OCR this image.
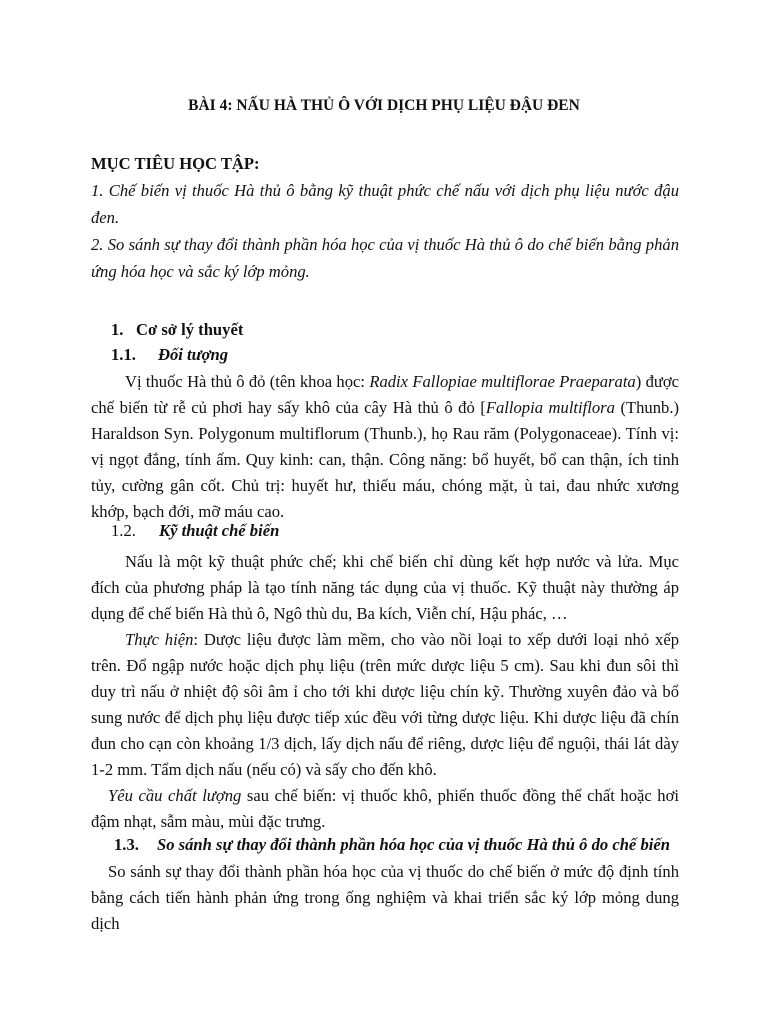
BÀI 4: NẤU HÀ THỦ Ô VỚI DỊCH PHỤ LIỆU ĐẬU ĐEN
MỤC TIÊU HỌC TẬP:
1. Chế biến vị thuốc Hà thủ ô bằng kỹ thuật phức chế nấu với dịch phụ liệu nước đậu đen.
2. So sánh sự thay đổi thành phần hóa học của vị thuốc Hà thủ ô do chế biến bằng phản ứng hóa học và sắc ký lớp mỏng.
1. Cơ sở lý thuyết
1.1. Đối tượng
Vị thuốc Hà thủ ô đỏ (tên khoa học: Radix Fallopiae multiflorae Praeparata) được chế biến từ rễ củ phơi hay sấy khô của cây Hà thủ ô đỏ [Fallopia multiflora (Thunb.) Haraldson Syn. Polygonum multiflorum (Thunb.), họ Rau răm (Polygonaceae). Tính vị: vị ngọt đắng, tính ấm. Quy kinh: can, thận. Công năng: bổ huyết, bổ can thận, ích tinh tủy, cường gân cốt. Chủ trị: huyết hư, thiếu máu, chóng mặt, ù tai, đau nhức xương khớp, bạch đới, mỡ máu cao.
1.2. Kỹ thuật chế biến
Nấu là một kỹ thuật phức chế; khi chế biến chỉ dùng kết hợp nước và lửa. Mục đích của phương pháp là tạo tính năng tác dụng của vị thuốc. Kỹ thuật này thường áp dụng để chế biến Hà thủ ô, Ngô thù du, Ba kích, Viễn chí, Hậu phác, …
Thực hiện: Dược liệu được làm mềm, cho vào nồi loại to xếp dưới loại nhỏ xếp trên. Đổ ngập nước hoặc dịch phụ liệu (trên mức dược liệu 5 cm). Sau khi đun sôi thì duy trì nấu ở nhiệt độ sôi âm ỉ cho tới khi dược liệu chín kỹ. Thường xuyên đảo và bổ sung nước để dịch phụ liệu được tiếp xúc đều với từng dược liệu. Khi dược liệu đã chín đun cho cạn còn khoảng 1/3 dịch, lấy dịch nấu để riêng, dược liệu để nguội, thái lát dày 1-2 mm. Tẩm dịch nấu (nếu có) và sấy cho đến khô.
Yêu cầu chất lượng sau chế biến: vị thuốc khô, phiến thuốc đồng thể chất hoặc hơi đậm nhạt, sẫm màu, mùi đặc trưng.
1.3. So sánh sự thay đổi thành phần hóa học của vị thuốc Hà thủ ô do chế biến
So sánh sự thay đổi thành phần hóa học của vị thuốc do chế biến ở mức độ định tính bằng cách tiến hành phản ứng trong ống nghiệm và khai triển sắc ký lớp mỏng dung dịch
